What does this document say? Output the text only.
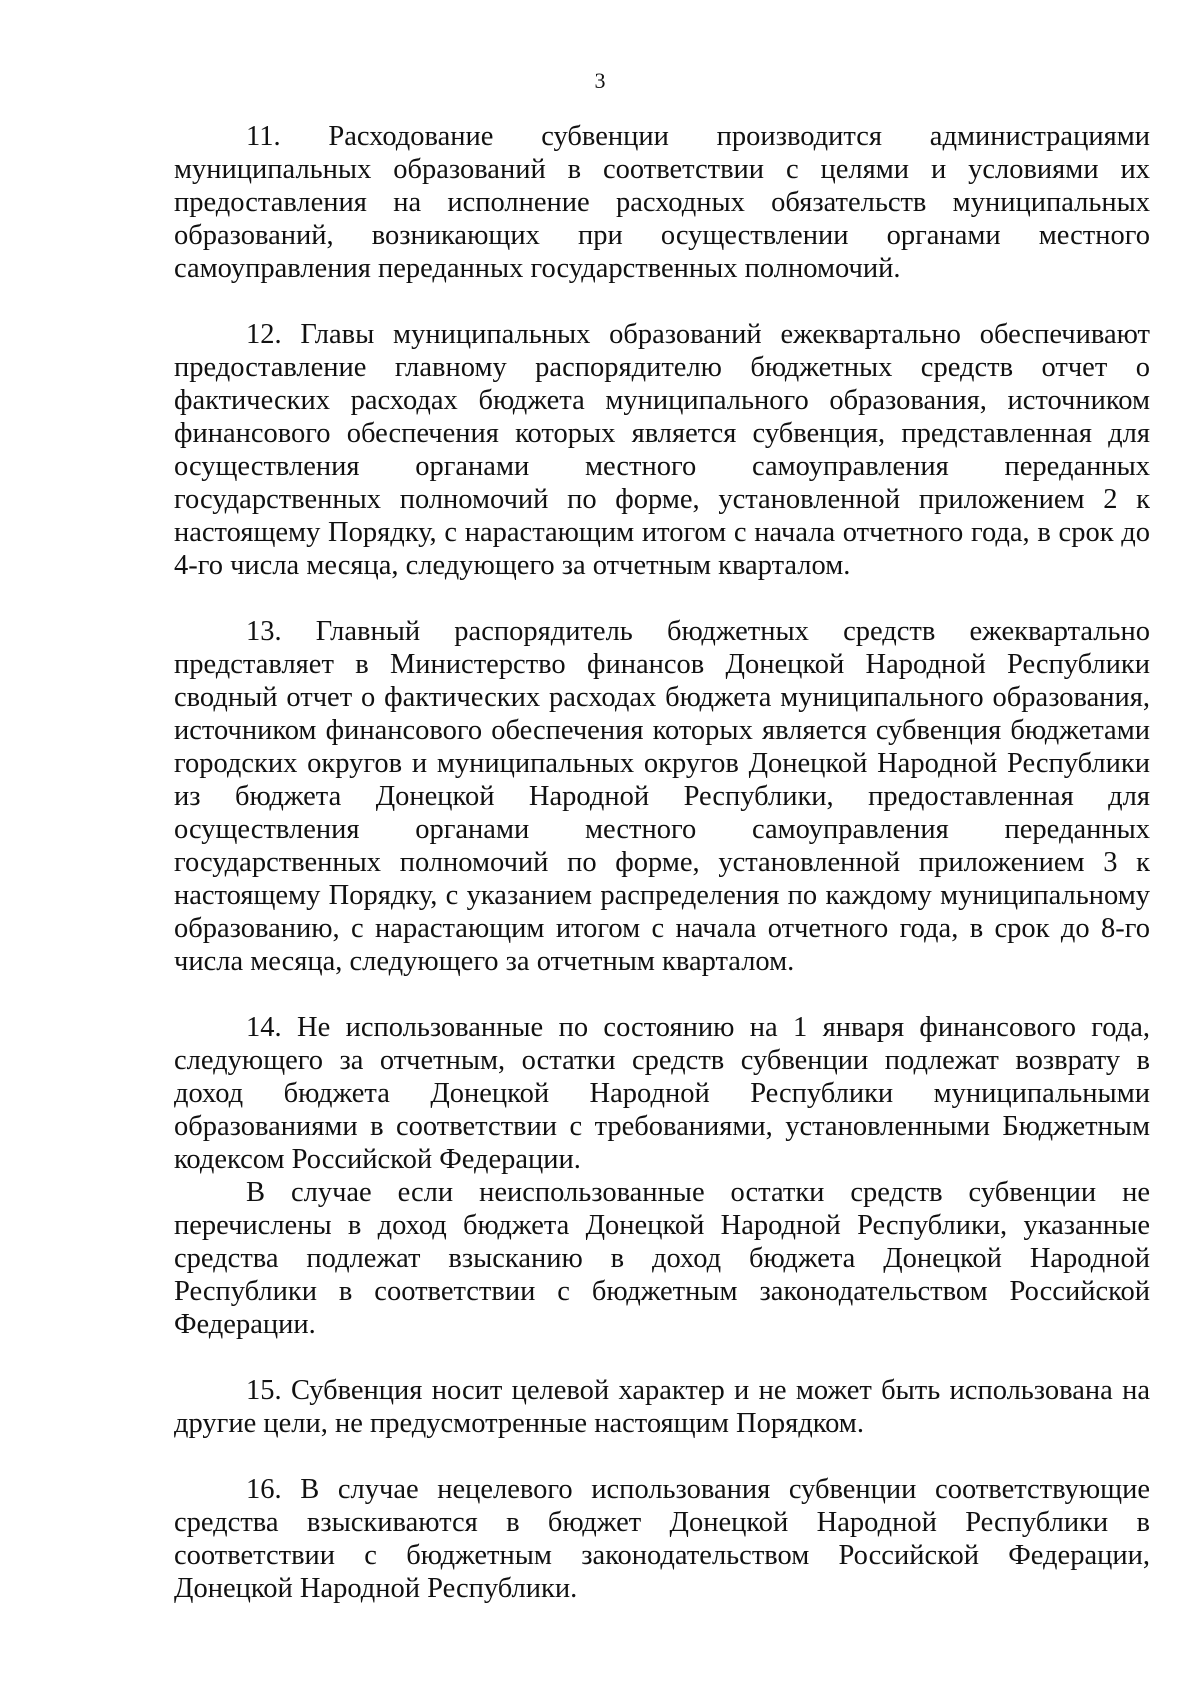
3

11. Расходование субвенции производится администрациями муниципальных образований в соответствии с целями и условиями их предоставления на исполнение расходных обязательств муниципальных образований, возникающих при осуществлении органами местного самоуправления переданных государственных полномочий.

12. Главы муниципальных образований ежеквартально обеспечивают предоставление главному распорядителю бюджетных средств отчет о фактических расходах бюджета муниципального образования, источником финансового обеспечения которых является субвенция, представленная для осуществления органами местного самоуправления переданных государственных полномочий по форме, установленной приложением 2 к настоящему Порядку, с нарастающим итогом с начала отчетного года, в срок до 4-го числа месяца, следующего за отчетным кварталом.

13. Главный распорядитель бюджетных средств ежеквартально представляет в Министерство финансов Донецкой Народной Республики сводный отчет о фактических расходах бюджета муниципального образования, источником финансового обеспечения которых является субвенция бюджетами городских округов и муниципальных округов Донецкой Народной Республики из бюджета Донецкой Народной Республики, предоставленная для осуществления органами местного самоуправления переданных государственных полномочий по форме, установленной приложением 3 к настоящему Порядку, с указанием распределения по каждому муниципальному образованию, с нарастающим итогом с начала отчетного года, в срок до 8-го числа месяца, следующего за отчетным кварталом.

14. Не использованные по состоянию на 1 января финансового года, следующего за отчетным, остатки средств субвенции подлежат возврату в доход бюджета Донецкой Народной Республики муниципальными образованиями в соответствии с требованиями, установленными Бюджетным кодексом Российской Федерации.

В случае если неиспользованные остатки средств субвенции не перечислены в доход бюджета Донецкой Народной Республики, указанные средства подлежат взысканию в доход бюджета Донецкой Народной Республики в соответствии с бюджетным законодательством Российской Федерации.

15. Субвенция носит целевой характер и не может быть использована на другие цели, не предусмотренные настоящим Порядком.

16. В случае нецелевого использования субвенции соответствующие средства взыскиваются в бюджет Донецкой Народной Республики в соответствии с бюджетным законодательством Российской Федерации, Донецкой Народной Республики.
